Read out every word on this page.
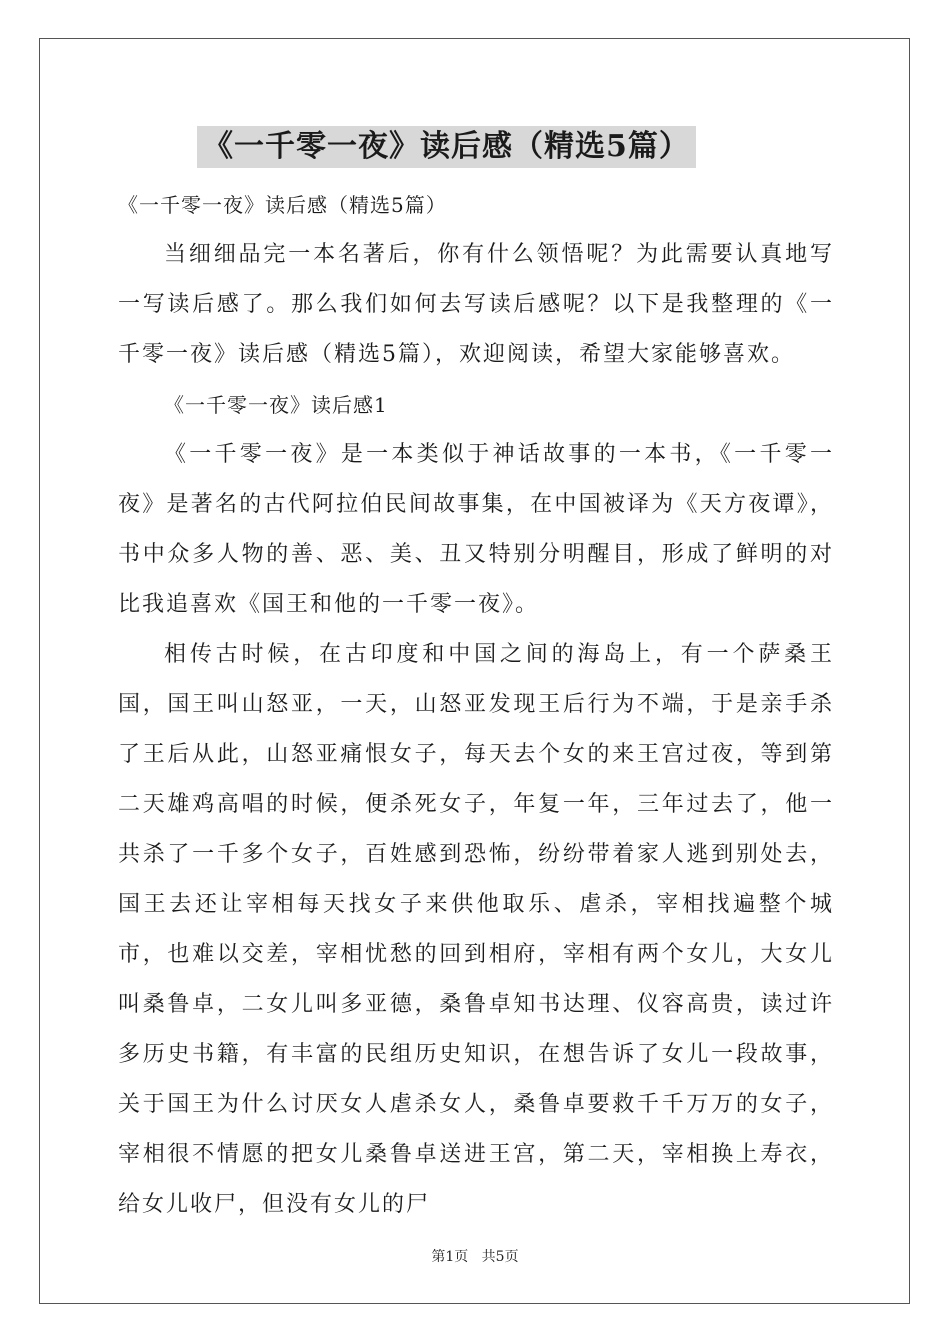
《一千零一夜》读后感（精选5篇）

《一千零一夜》读后感（精选5篇）

当细细品完一本名著后，你有什么领悟呢？为此需要认真地写一写读后感了。那么我们如何去写读后感呢？以下是我整理的《一千零一夜》读后感（精选5篇），欢迎阅读，希望大家能够喜欢。

《一千零一夜》读后感1

《一千零一夜》是一本类似于神话故事的一本书，《一千零一夜》是著名的古代阿拉伯民间故事集，在中国被译为《天方夜谭》，书中众多人物的善、恶、美、丑又特别分明醒目，形成了鲜明的对比我追喜欢《国王和他的一千零一夜》。

相传古时候，在古印度和中国之间的海岛上，有一个萨桑王国，国王叫山怒亚，一天，山怒亚发现王后行为不端，于是亲手杀了王后从此，山怒亚痛恨女子，每天去个女的来王宫过夜，等到第二天雄鸡高唱的时候，便杀死女子，年复一年，三年过去了，他一共杀了一千多个女子，百姓感到恐怖，纷纷带着家人逃到别处去，国王去还让宰相每天找女子来供他取乐、虐杀，宰相找遍整个城市，也难以交差，宰相忧愁的回到相府，宰相有两个女儿，大女儿叫桑鲁卓，二女儿叫多亚德，桑鲁卓知书达理、仪容高贵，读过许多历史书籍，有丰富的民组历史知识，在想告诉了女儿一段故事，关于国王为什么讨厌女人虐杀女人，桑鲁卓要救千千万万的女子，宰相很不情愿的把女儿桑鲁卓送进王宫，第二天，宰相换上寿衣，给女儿收尸，但没有女儿的尸

第1页 共5页
